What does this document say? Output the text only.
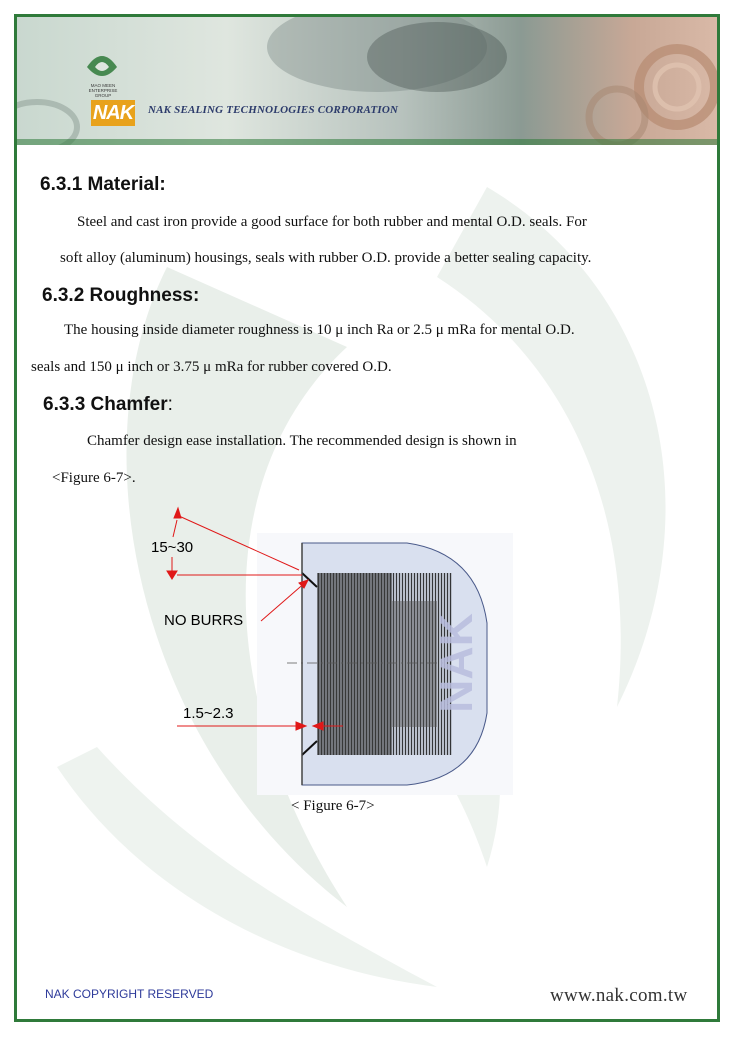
MAO MEEN ENTERPRISE GROUP
NAK NAK SEALING TECHNOLOGIES CORPORATION
6.3.1 Material:

Steel and cast iron provide a good surface for both rubber and mental O.D. seals. For

soft alloy (aluminum) housings, seals with rubber O.D. provide a better sealing capacity.

6.3.2 Roughness:

The housing inside diameter roughness is 10 μ inch Ra or 2.5 μ mRa for mental O.D.

seals and 150 μ inch or 3.75 μ mRa for rubber covered O.D.

6.3.3 Chamfer:

Chamfer design ease installation. The recommended design is shown in

<Figure 6-7>.

NAK
15~30
NO BURRS
1.5~2.3
< Figure 6-7>
NAK COPYRIGHT RESERVED	www.nak.com.tw
